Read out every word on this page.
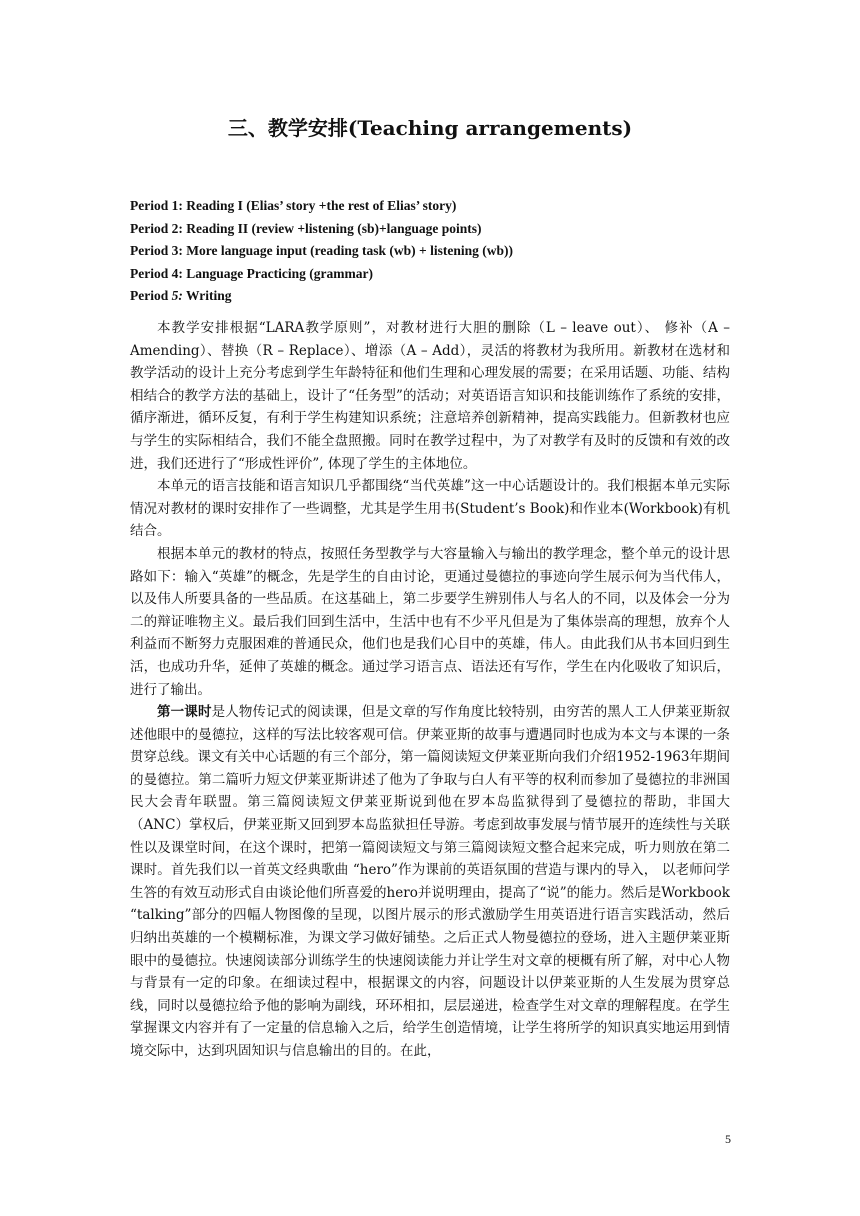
三、教学安排(Teaching arrangements)
Period 1: Reading I (Elias’ story +the rest of Elias’ story)
Period 2: Reading II (review +listening (sb)+language points)
Period 3: More language input (reading task (wb) + listening (wb))
Period 4: Language Practicing (grammar)
Period 5: Writing

本教学安排根据“LARA教学原则”，对教材进行大胆的删除（L – leave out）、 修补（A – Amending）、替换（R – Replace）、增添（A – Add），灵活的将教材为我所用。新教材在选材和教学活动的设计上充分考虑到学生年龄特征和他们生理和心理发展的需要；在采用话题、功能、结构相结合的教学方法的基础上，设计了“任务型”的活动；对英语语言知识和技能训练作了系统的安排，循序渐进，循环反复，有利于学生构建知识系统；注意培养创新精神，提高实践能力。但新教材也应与学生的实际相结合，我们不能全盘照搬。同时在教学过程中，为了对教学有及时的反馈和有效的改进，我们还进行了“形成性评价”, 体现了学生的主体地位。

本单元的语言技能和语言知识几乎都围绕“当代英雄”这一中心话题设计的。我们根据本单元实际情况对教材的课时安排作了一些调整，尤其是学生用书(Student’s Book)和作业本(Workbook)有机结合。

根据本单元的教材的特点，按照任务型教学与大容量输入与输出的教学理念，整个单元的设计思路如下：输入“英雄”的概念，先是学生的自由讨论，更通过曼德拉的事迹向学生展示何为当代伟人，以及伟人所要具备的一些品质。在这基础上，第二步要学生辨别伟人与名人的不同，以及体会一分为二的辩证唯物主义。最后我们回到生活中，生活中也有不少平凡但是为了集体崇高的理想，放弃个人利益而不断努力克服困难的普通民众，他们也是我们心目中的英雄，伟人。由此我们从书本回归到生活，也成功升华，延伸了英雄的概念。通过学习语言点、语法还有写作，学生在内化吸收了知识后，进行了输出。

第一课时是人物传记式的阅读课，但是文章的写作角度比较特别，由穷苦的黑人工人伊莱亚斯叙述他眼中的曼德拉，这样的写法比较客观可信。伊莱亚斯的故事与遭遇同时也成为本文与本课的一条贯穿总线。课文有关中心话题的有三个部分，第一篇阅读短文伊莱亚斯向我们介绍1952-1963年期间的曼德拉。第二篇听力短文伊莱亚斯讲述了他为了争取与白人有平等的权利而参加了曼德拉的非洲国民大会青年联盟。第三篇阅读短文伊莱亚斯说到他在罗本岛监狱得到了曼德拉的帮助，非国大（ANC）掌权后，伊莱亚斯又回到罗本岛监狱担任导游。考虑到故事发展与情节展开的连续性与关联性以及课堂时间，在这个课时，把第一篇阅读短文与第三篇阅读短文整合起来完成，听力则放在第二课时。首先我们以一首英文经典歌曲 “hero”作为课前的英语氛围的营造与课内的导入， 以老师问学生答的有效互动形式自由谈论他们所喜爱的hero并说明理由，提高了“说”的能力。然后是Workbook “talking”部分的四幅人物图像的呈现，以图片展示的形式激励学生用英语进行语言实践活动，然后归纳出英雄的一个模糊标准，为课文学习做好铺垫。之后正式人物曼德拉的登场，进入主题伊莱亚斯眼中的曼德拉。快速阅读部分训练学生的快速阅读能力并让学生对文章的梗概有所了解，对中心人物与背景有一定的印象。在细读过程中，根据课文的内容，问题设计以伊莱亚斯的人生发展为贯穿总线，同时以曼德拉给予他的影响为副线，环环相扣，层层递进，检查学生对文章的理解程度。在学生掌握课文内容并有了一定量的信息输入之后，给学生创造情境，让学生将所学的知识真实地运用到情境交际中，达到巩固知识与信息输出的目的。在此，

5
